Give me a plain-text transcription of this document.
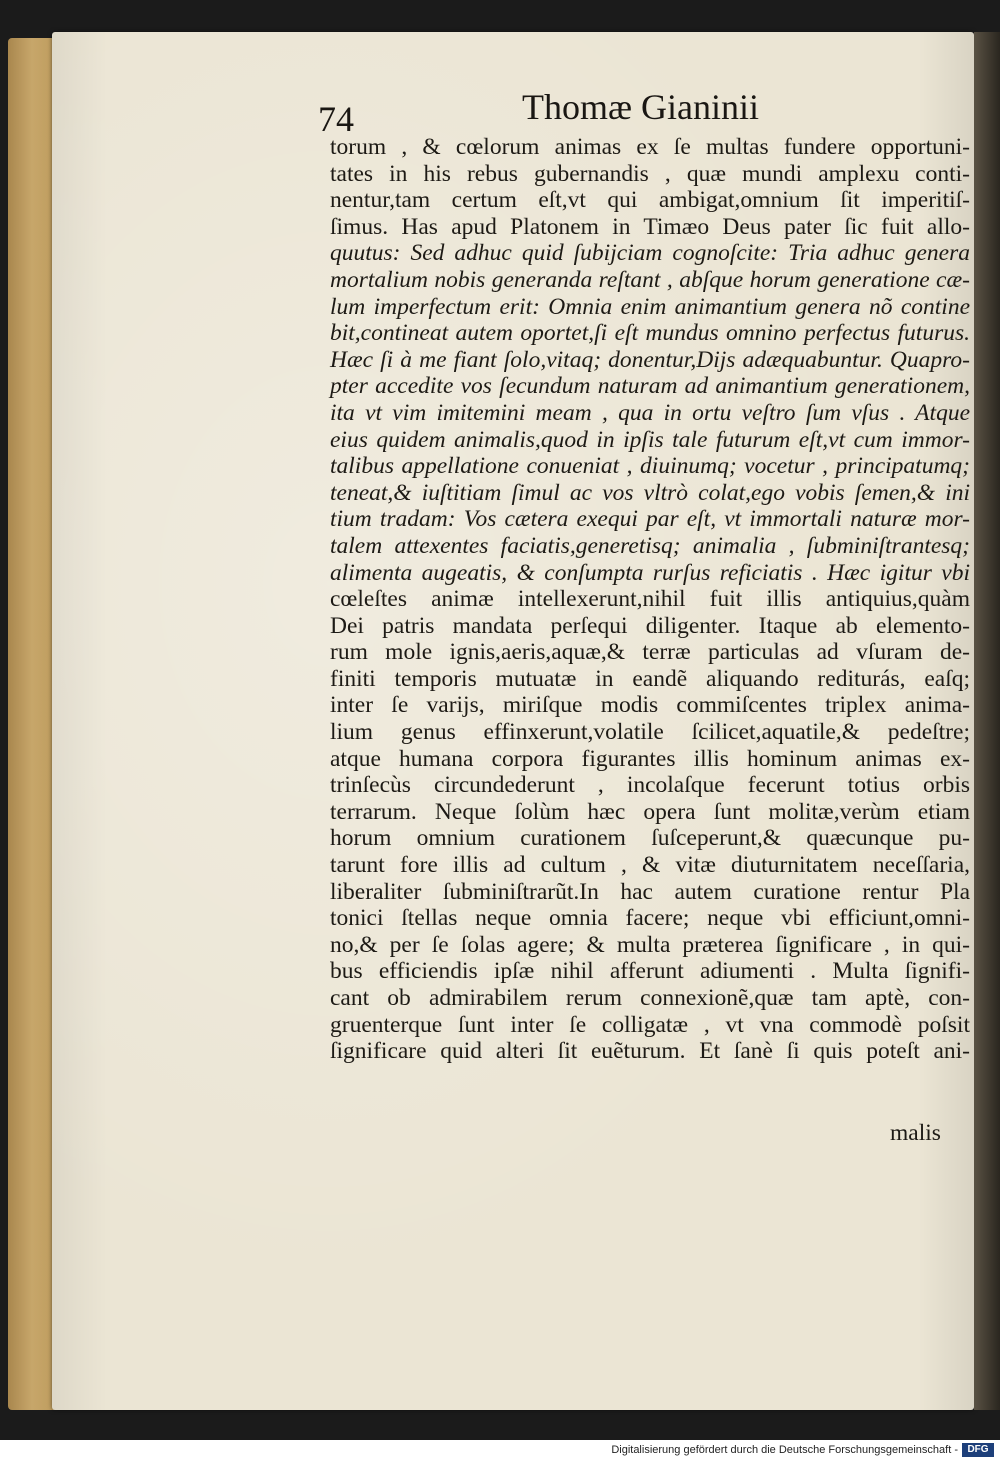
74	Thomæ Gianinii
torum , & cœlorum animas ex ſe multas fundere opportuni-
tates in his rebus gubernandis , quæ mundi amplexu conti-
nentur,tam certum eſt,vt qui ambigat,omnium ſit imperitiſ-
ſimus. Has apud Platonem in Timæo Deus pater ſic fuit allo-
quutus: Sed adhuc quid ſubijciam cognoſcite: Tria adhuc genera
mortalium nobis generanda reſtant , abſque horum generatione cæ-
lum imperfectum erit: Omnia enim animantium genera nõ contine
bit,contineat autem oportet,ſi eſt mundus omnino perfectus futurus.
Hæc ſi à me fiant ſolo,vitaq; donentur,Dijs adæquabuntur. Quapro-
pter accedite vos ſecundum naturam ad animantium generationem,
ita vt vim imitemini meam , qua in ortu veſtro ſum vſus . Atque
eius quidem animalis,quod in ipſis tale futurum eſt,vt cum immor-
talibus appellatione conueniat , diuinumq; vocetur , principatumq;
teneat,& iuſtitiam ſimul ac vos vltrò colat,ego vobis ſemen,& ini
tium tradam: Vos cætera exequi par eſt, vt immortali naturæ mor-
talem attexentes faciatis,generetisq; animalia , ſubminiſtrantesq;
alimenta augeatis, & conſumpta rurſus reficiatis . Hæc igitur vbi
cœleſtes animæ intellexerunt,nihil fuit illis antiquius,quàm
Dei patris mandata perſequi diligenter. Itaque ab elemento-
rum mole ignis,aeris,aquæ,& terræ particulas ad vſuram de-
finiti temporis mutuatæ in eandẽ aliquando rediturás, eaſq;
inter ſe varijs, miriſque modis commiſcentes triplex anima-
lium genus effinxerunt,volatile ſcilicet,aquatile,& pedeſtre;
atque humana corpora figurantes illis hominum animas ex-
trinſecùs circundederunt , incolaſque fecerunt totius orbis
terrarum. Neque ſolùm hæc opera ſunt molitæ,verùm etiam
horum omnium curationem ſuſceperunt,& quæcunque pu-
tarunt fore illis ad cultum , & vitæ diuturnitatem neceſſaria,
liberaliter ſubminiſtrarũt.In hac autem curatione rentur Pla
tonici ſtellas neque omnia facere; neque vbi efficiunt,omni-
no,& per ſe ſolas agere; & multa præterea ſignificare , in qui-
bus efficiendis ipſæ nihil afferunt adiumenti . Multa ſignifi-
cant ob admirabilem rerum connexionẽ,quæ tam aptè, con-
gruenterque ſunt inter ſe colligatæ , vt vna commodè poſsit
ſignificare quid alteri ſit euẽturum. Et ſanè ſi quis poteſt ani-
malis
Digitalisierung gefördert durch die Deutsche Forschungsgemeinschaft - DFG
